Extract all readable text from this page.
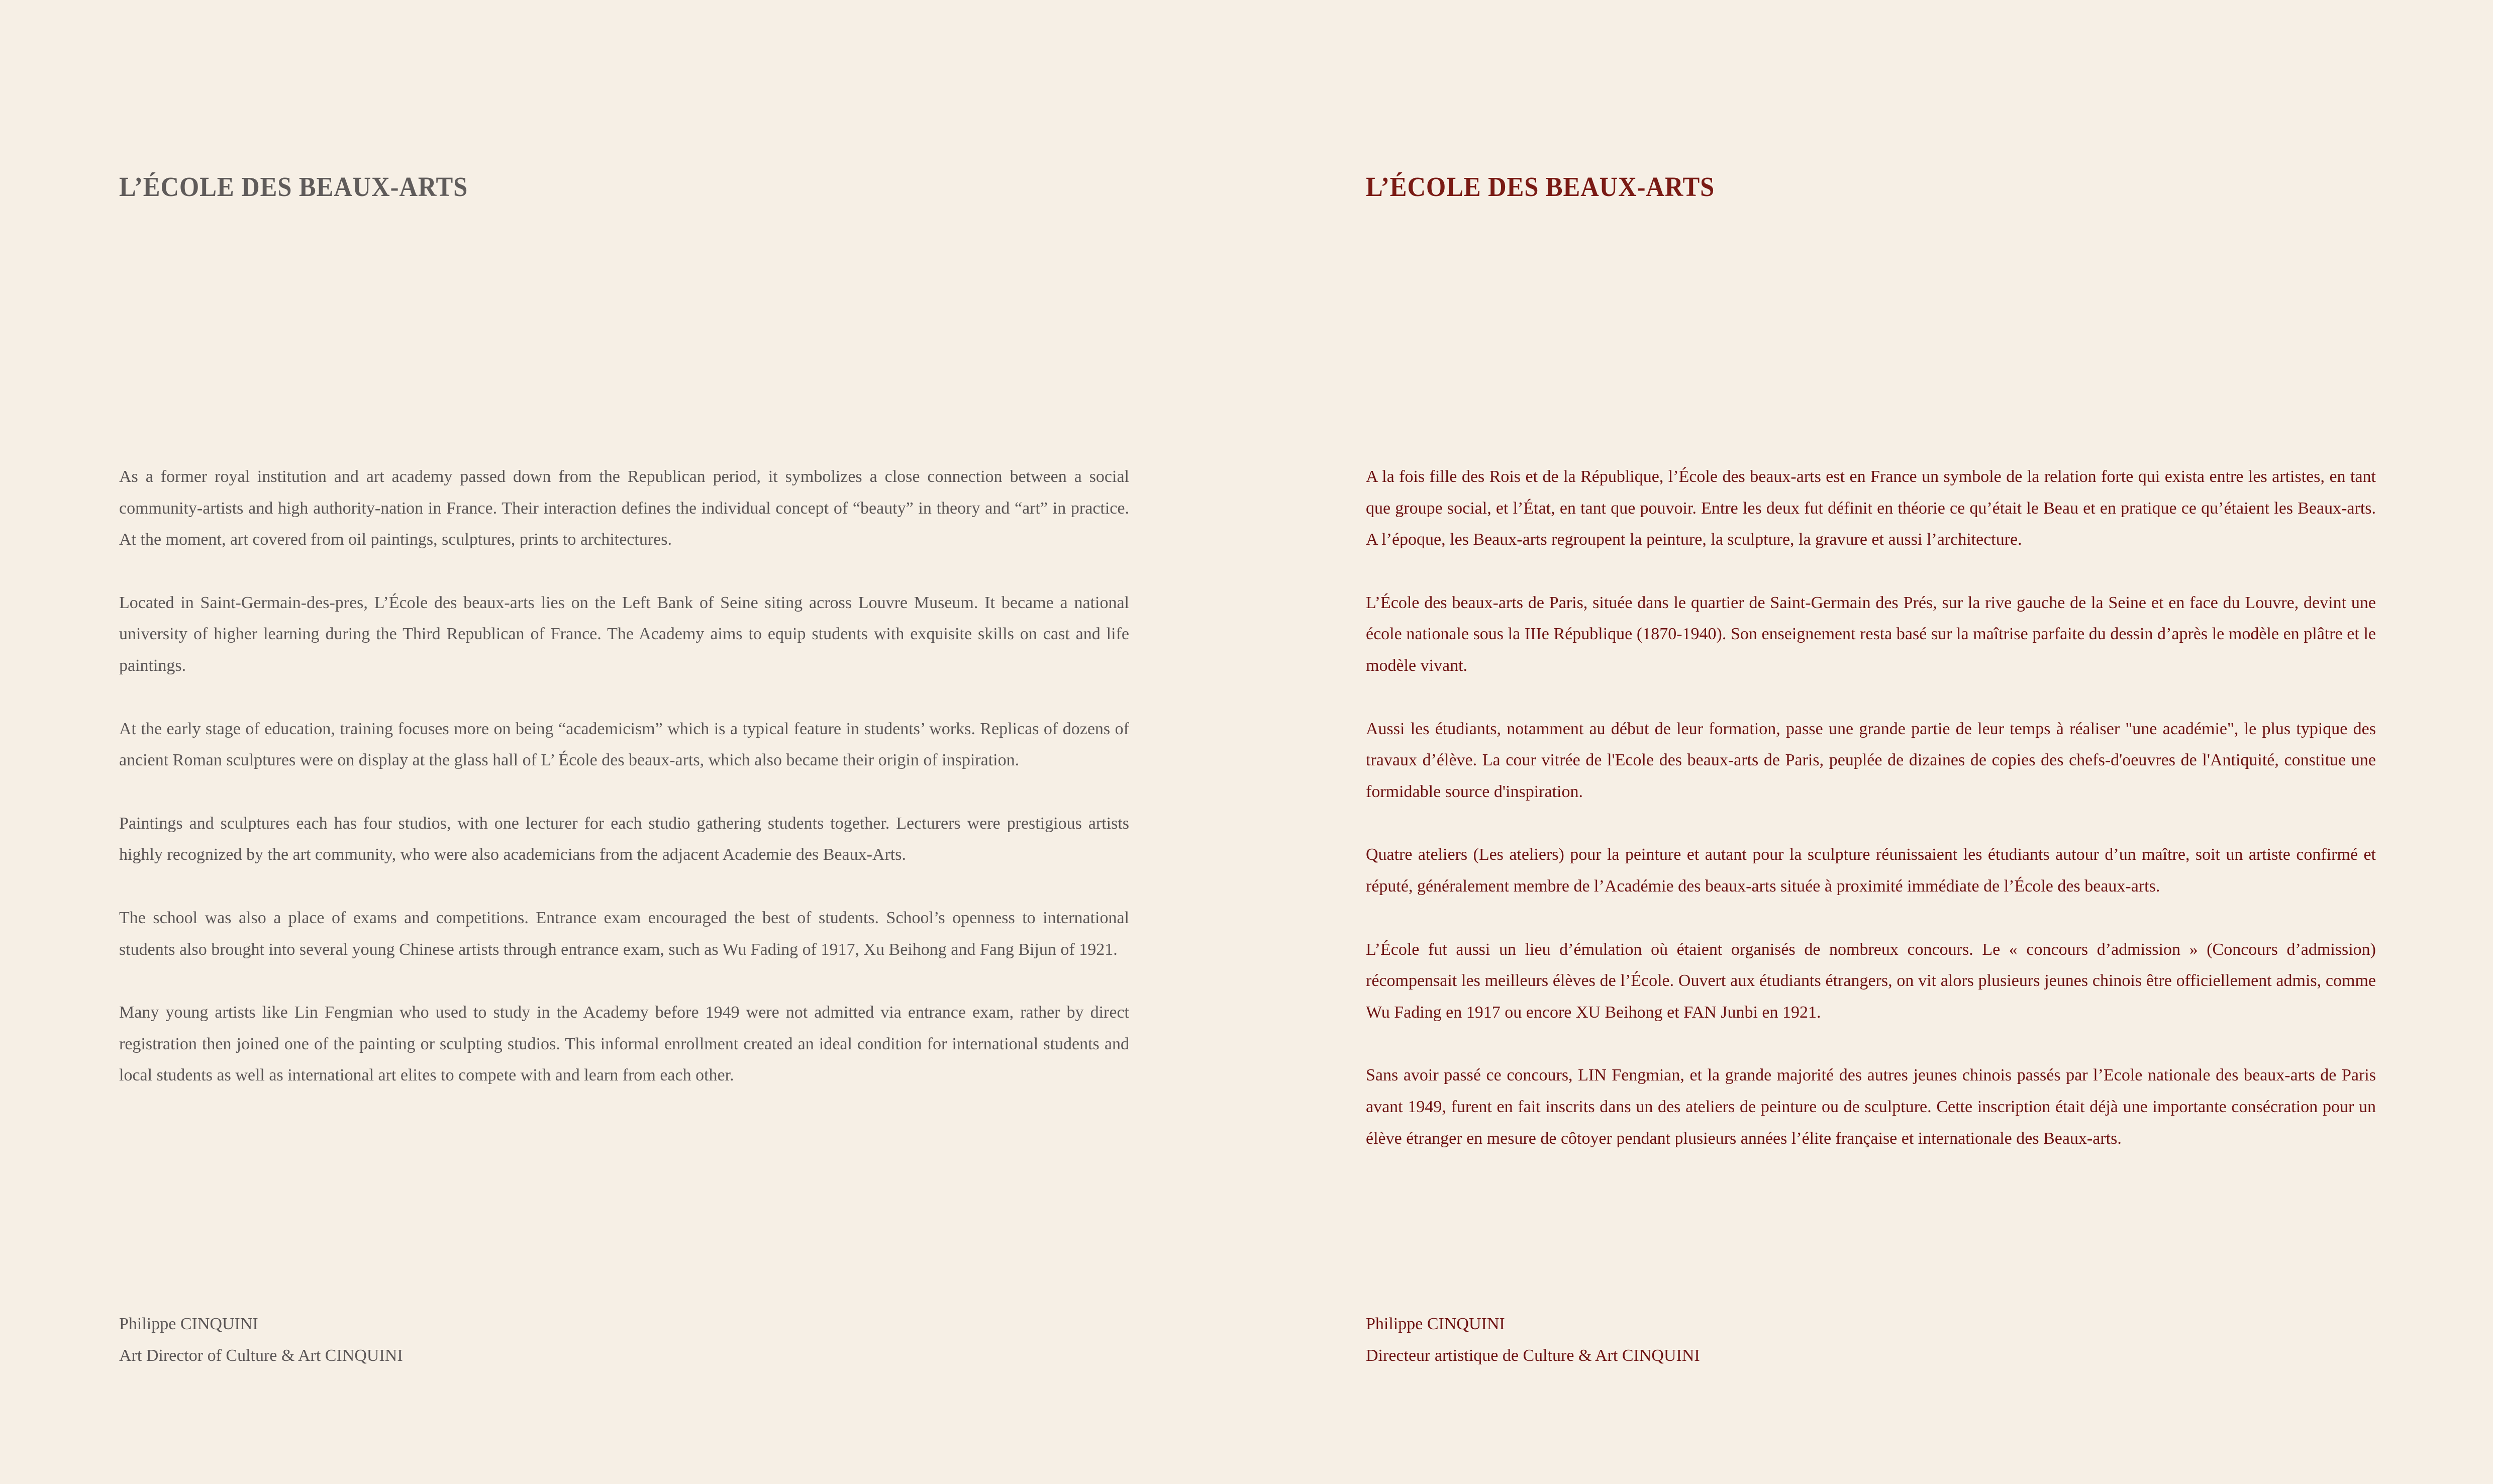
L’ÉCOLE DES BEAUX-ARTS

As a former royal institution and art academy passed down from the Republican period, it symbolizes a close connection between a social community-artists and high authority-nation in France. Their interaction defines the individual concept of “beauty” in theory and “art” in practice. At the moment, art covered from oil paintings, sculptures, prints to architectures.

Located in Saint-Germain-des-pres, L’École des beaux-arts lies on the Left Bank of Seine siting across Louvre Museum. It became a national university of higher learning during the Third Republican of France. The Academy aims to equip students with exquisite skills on cast and life paintings.

At the early stage of education, training focuses more on being “academicism” which is a typical feature in students’ works. Replicas of dozens of ancient Roman sculptures were on display at the glass hall of L’ École des beaux-arts, which also became their origin of inspiration.

Paintings and sculptures each has four studios, with one lecturer for each studio gathering students together. Lecturers were prestigious artists highly recognized by the art community, who were also academicians from the adjacent Academie des Beaux-Arts.

The school was also a place of exams and competitions. Entrance exam encouraged the best of students. School’s openness to international students also brought into several young Chinese artists through entrance exam, such as Wu Fading of 1917, Xu Beihong and Fang Bijun of 1921.

Many young artists like Lin Fengmian who used to study in the Academy before 1949 were not admitted via entrance exam, rather by direct registration then joined one of the painting or sculpting studios. This informal enrollment created an ideal condition for international students and local students as well as international art elites to compete with and learn from each other.

Philippe CINQUINI
Art Director of Culture & Art CINQUINI
L’ÉCOLE DES BEAUX-ARTS

A la fois fille des Rois et de la République, l’École des beaux-arts est en France un symbole de la relation forte qui exista entre les artistes, en tant que groupe social, et l’État, en tant que pouvoir. Entre les deux fut définit en théorie ce qu’était le Beau et en pratique ce qu’étaient les Beaux-arts. A l’époque, les Beaux-arts regroupent la peinture, la sculpture, la gravure et aussi l’architecture.

L’École des beaux-arts de Paris, située dans le quartier de Saint-Germain des Prés, sur la rive gauche de la Seine et en face du Louvre, devint une école nationale sous la IIIe République (1870-1940). Son enseignement resta basé sur la maîtrise parfaite du dessin d’après le modèle en plâtre et le modèle vivant.

Aussi les étudiants, notamment au début de leur formation, passe une grande partie de leur temps à réaliser "une académie", le plus typique des travaux d’élève. La cour vitrée de l'Ecole des beaux-arts de Paris, peuplée de dizaines de copies des chefs-d'oeuvres de l'Antiquité, constitue une formidable source d'inspiration.

Quatre ateliers (Les ateliers) pour la peinture et autant pour la sculpture réunissaient les étudiants autour d’un maître, soit un artiste confirmé et réputé, généralement membre de l’Académie des beaux-arts située à proximité immédiate de l’École des beaux-arts.

L’École fut aussi un lieu d’émulation où étaient organisés de nombreux concours. Le « concours d’admission » (Concours d’admission) récompensait les meilleurs élèves de l’École. Ouvert aux étudiants étrangers, on vit alors plusieurs jeunes chinois être officiellement admis, comme Wu Fading en 1917 ou encore XU Beihong et FAN Junbi en 1921.

Sans avoir passé ce concours, LIN Fengmian, et la grande majorité des autres jeunes chinois passés par l’Ecole nationale des beaux-arts de Paris avant 1949, furent en fait inscrits dans un des ateliers de peinture ou de sculpture. Cette inscription était déjà une importante consécration pour un élève étranger en mesure de côtoyer pendant plusieurs années l’élite française et internationale des Beaux-arts.

Philippe CINQUINI
Directeur artistique de Culture & Art CINQUINI
